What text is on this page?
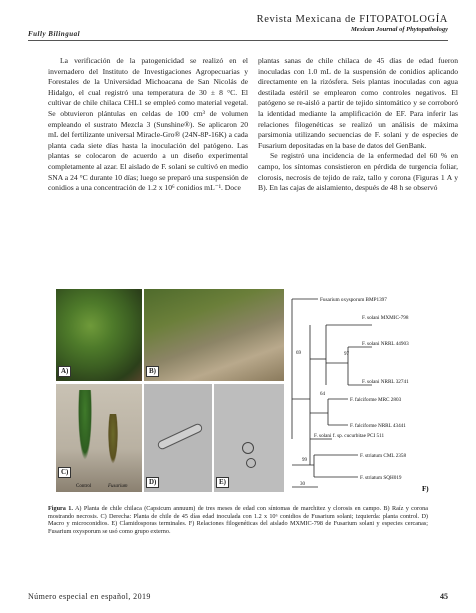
Fully Bilingual
Revista Mexicana de FITOPATOLOGÍA
Mexican Journal of Phytopathology

La verificación de la patogenicidad se realizó en el invernadero del Instituto de Investigaciones Agropecuarias y Forestales de la Universidad Michoacana de San Nicolás de Hidalgo, el cual registró una temperatura de 30 ± 8 °C. El cultivar de chile chilaca CHL1 se empleó como material vegetal. Se obtuvieron plántulas en celdas de 100 cm³ de volumen empleando el sustrato Mezcla 3 (Sunshine®). Se aplicaron 20 mL del fertilizante universal Miracle-Gro® (24N-8P-16K) a cada planta cada siete días hasta la inoculación del patógeno. Las plantas se colocaron de acuerdo a un diseño experimental completamente al azar. El aislado de F. solani se cultivó en medio SNA a 24 °C durante 10 días; luego se preparó una suspensión de conidios a una concentración de 1.2 x 10⁶ conidios mL⁻¹. Doce

plantas sanas de chile chilaca de 45 días de edad fueron inoculadas con 1.0 mL de la suspensión de conidios aplicando directamente en la rizósfera. Seis plantas inoculadas con agua destilada estéril se emplearon como controles negativos. El patógeno se re-aisló a partir de tejido sintomático y se corroboró la identidad mediante la amplificación de EF. Para inferir las relaciones filogenéticas se realizó un análisis de máxima parsimonia utilizando secuencias de F. solani y de especies de Fusarium depositadas en la base de datos del GenBank.

Se registró una incidencia de la enfermedad del 60 % en campo, los síntomas consistieron en pérdida de turgencia foliar, clorosis, necrosis de tejido de raíz, tallo y corona (Figuras 1 A y B). En las cajas de aislamiento, después de 48 h se observó

A)	B)
Control	Fusarium
C)
D)	E)
Fusarium oxysporum BMP1397
F. solani MXMIC-798
F. solani NRRL 44903
F. solani NRRL 32741
F. falciforme MRC 2803
F. falciforme NRRL 43441
F. solani f. sp. cucurbitae PCI 511
F. striatum CML 2358
F. striatum SQH019
97
69
64
99
30
F)
Figura 1. A) Planta de chile chilaca (Capsicum annuum) de tres meses de edad con síntomas de marchitez y clorosis en campo. B) Raíz y corona mostrando necrosis. C) Derecha: Planta de chile de 45 días edad inoculada con 1.2 x 10⁶ conidios de Fusarium solani; izquierda: planta control. D) Macro y microconidios. E) Clamidosporas terminales. F) Relaciones filogenéticas del aislado MXMIC-798 de Fusarium solani y especies cercanas; Fusarium oxysporum se usó como grupo externo.
Número especial en español, 2019	45
